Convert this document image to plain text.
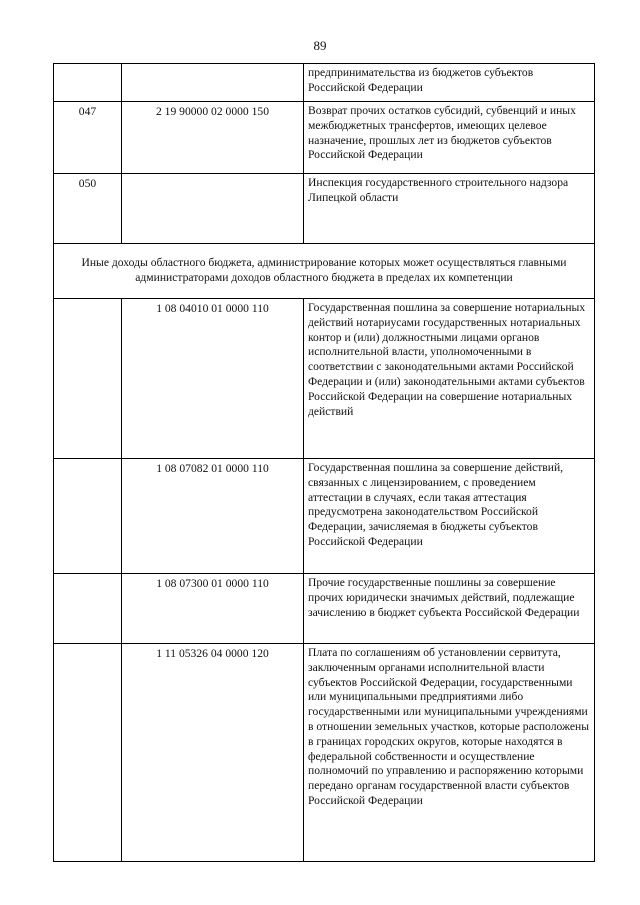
89

		предпринимательства из бюджетов субъектов Российской Федерации

047	2 19 90000 02 0000 150	Возврат прочих остатков субсидий, субвенций и иных межбюджетных трансфертов, имеющих целевое назначение, прошлых лет из бюджетов субъектов Российской Федерации

050		Инспекция государственного строительного надзора Липецкой области

Иные доходы областного бюджета, администрирование которых может осуществляться главными администраторами доходов областного бюджета в пределах их компетенции		

	1 08 04010 01 0000 110	Государственная пошлина за совершение нотариальных действий нотариусами государственных нотариальных контор и (или) должностными лицами органов исполнительной власти, уполномоченными в соответствии с законодательными актами Российской Федерации и (или) законодательными актами субъектов Российской Федерации на совершение нотариальных действий

	1 08 07082 01 0000 110	Государственная пошлина за совершение действий, связанных с лицензированием, с проведением аттестации в случаях, если такая аттестация предусмотрена законодательством Российской Федерации, зачисляемая в бюджеты субъектов Российской Федерации

	1 08 07300 01 0000 110	Прочие государственные пошлины за совершение прочих юридически значимых действий, подлежащие зачислению в бюджет субъекта Российской Федерации

	1 11 05326 04 0000 120	Плата по соглашениям об установлении сервитута, заключенным органами исполнительной власти субъектов Российской Федерации, государственными или муниципальными предприятиями либо государственными или муниципальными учреждениями в отношении земельных участков, которые расположены в границах городских округов, которые находятся в федеральной собственности и осуществление полномочий по управлению и распоряжению которыми передано органам государственной власти субъектов Российской Федерации
